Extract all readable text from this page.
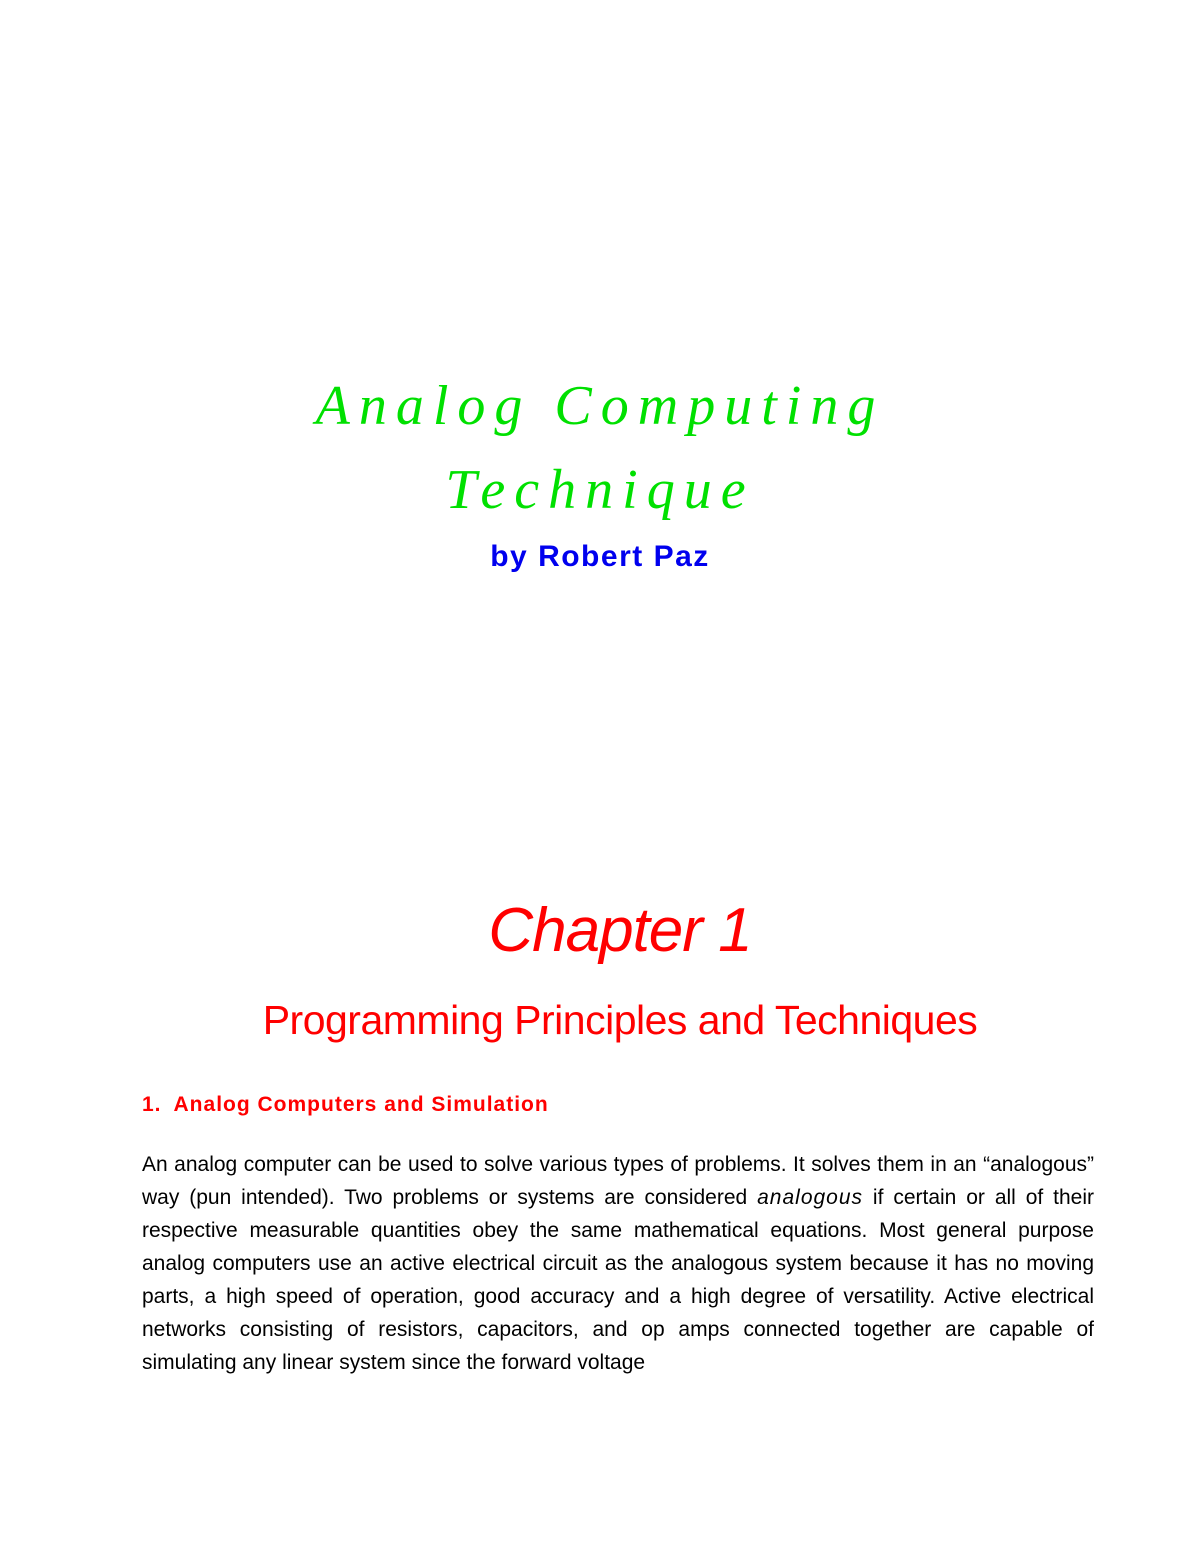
Analog Computing
Technique
by Robert Paz
Chapter 1
Programming Principles and Techniques
1. Analog Computers and Simulation

An analog computer can be used to solve various types of problems. It solves them in an “analogous” way (pun intended). Two problems or systems are considered analogous if certain or all of their respective measurable quantities obey the same mathematical equations. Most general purpose analog computers use an active electrical circuit as the analogous system because it has no moving parts, a high speed of operation, good accuracy and a high degree of versatility. Active electrical networks consisting of resistors, capacitors, and op amps connected together are capable of simulating any linear system since the forward voltage
